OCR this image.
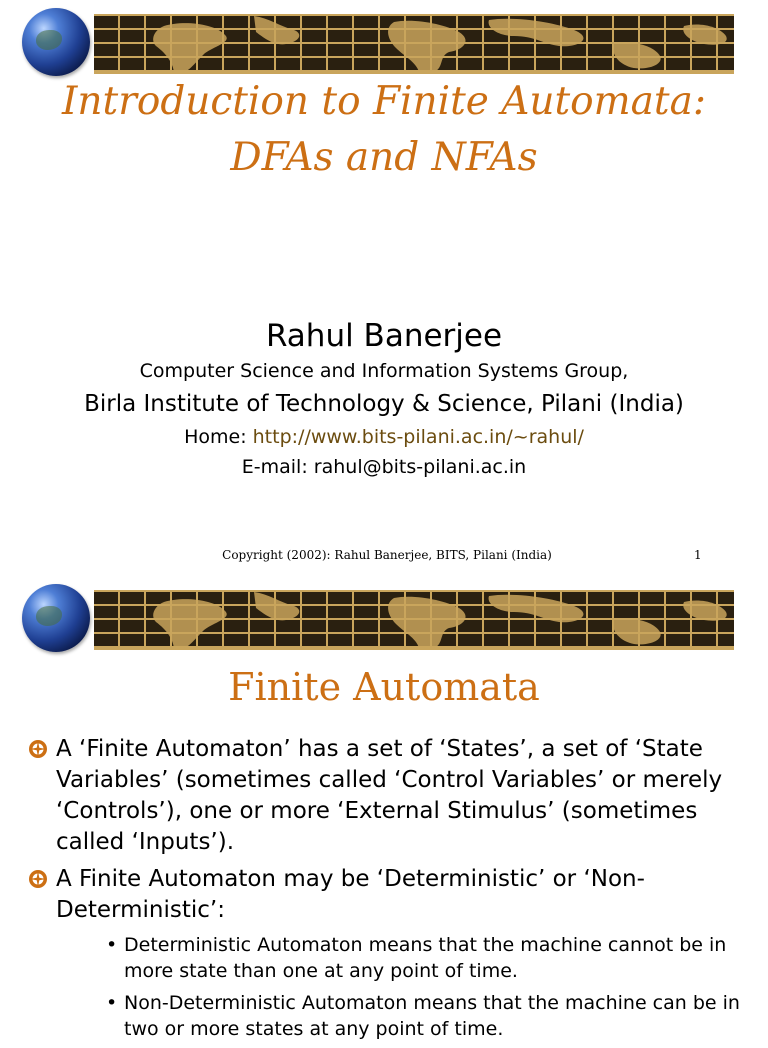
Introduction to Finite Automata:
DFAs and NFAs
Rahul Banerjee
Computer Science and Information Systems Group,
Birla Institute of Technology & Science, Pilani (India)
Home: http://www.bits-pilani.ac.in/~rahul/
E-mail: rahul@bits-pilani.ac.in
Copyright (2002): Rahul Banerjee, BITS, Pilani (India)	1
Finite Automata
A ‘Finite Automaton’ has a set of ‘States’, a set of ‘State Variables’ (sometimes called ‘Control Variables’ or merely ‘Controls’), one or more ‘External Stimulus’ (sometimes called ‘Inputs’).
A Finite Automaton may be ‘Deterministic’ or ‘Non-Deterministic’:
• Deterministic Automaton means that the machine cannot be in more state than one at any point of time.
• Non-Deterministic Automaton means that the machine can be in two or more states at any point of time.
